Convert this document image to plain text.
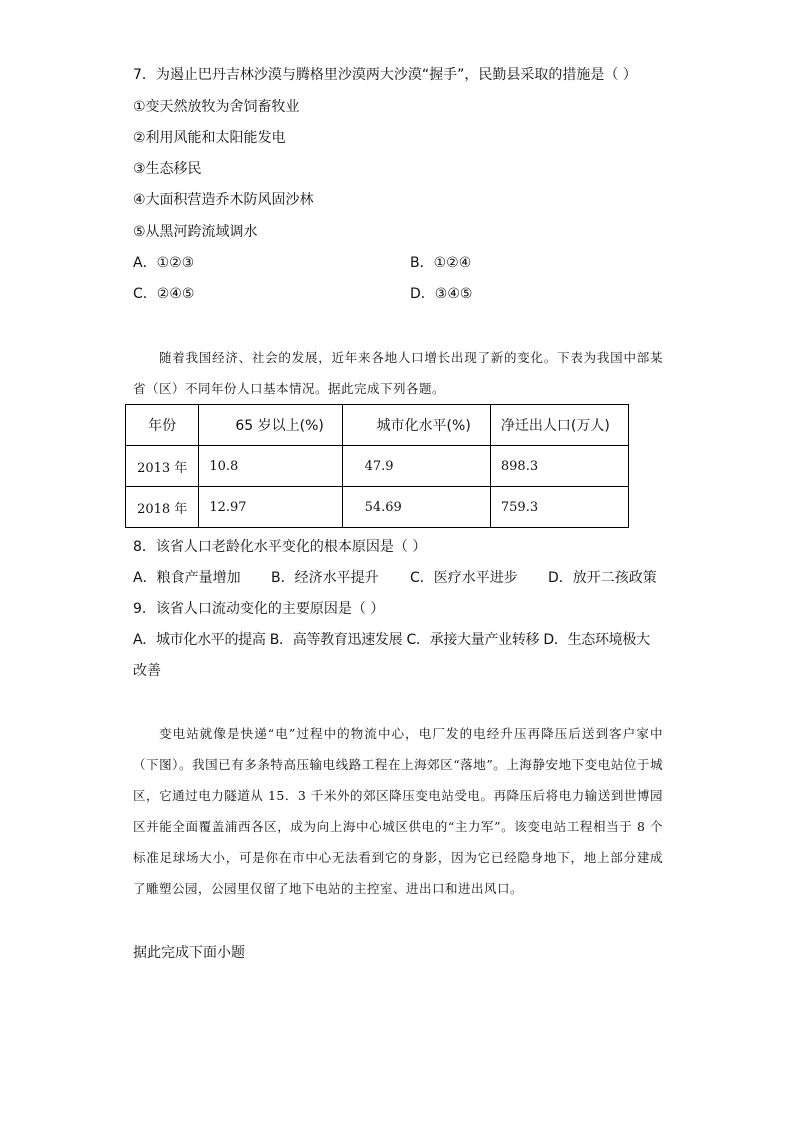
7．为遏止巴丹吉林沙漠与腾格里沙漠两大沙漠“握手”，民勤县采取的措施是（ ）
①变天然放牧为舍饲畜牧业
②利用风能和太阳能发电
③生态移民
④大面积营造乔木防风固沙林
⑤从黑河跨流域调水
A．①②③	B．①②④
C．②④⑤	D．③④⑤
随着我国经济、社会的发展，近年来各地人口增长出现了新的变化。下表为我国中部某省（区）不同年份人口基本情况。据此完成下列各题。
年份	65 岁以上(%)	城市化水平(%)	净迁出人口(万人)
2013 年	10.8	47.9	898.3
2018 年	12.97	54.69	759.3
8．该省人口老龄化水平变化的根本原因是（ ）
A．粮食产量增加 B．经济水平提升 C．医疗水平进步 D．放开二孩政策
9．该省人口流动变化的主要原因是（ ）
A．城市化水平的提高 B．高等教育迅速发展 C．承接大量产业转移 D．生态环境极大
改善
变电站就像是快递“电”过程中的物流中心，电厂发的电经升压再降压后送到客户家中（下图）。我国已有多条特高压输电线路工程在上海郊区“落地”。上海静安地下变电站位于城区，它通过电力隧道从 15．3 千米外的郊区降压变电站受电。再降压后将电力输送到世博园区并能全面覆盖浦西各区，成为向上海中心城区供电的“主力军”。该变电站工程相当于 8 个标准足球场大小，可是你在市中心无法看到它的身影，因为它已经隐身地下，地上部分建成了雕塑公园，公园里仅留了地下电站的主控室、进出口和进出风口。
据此完成下面小题
